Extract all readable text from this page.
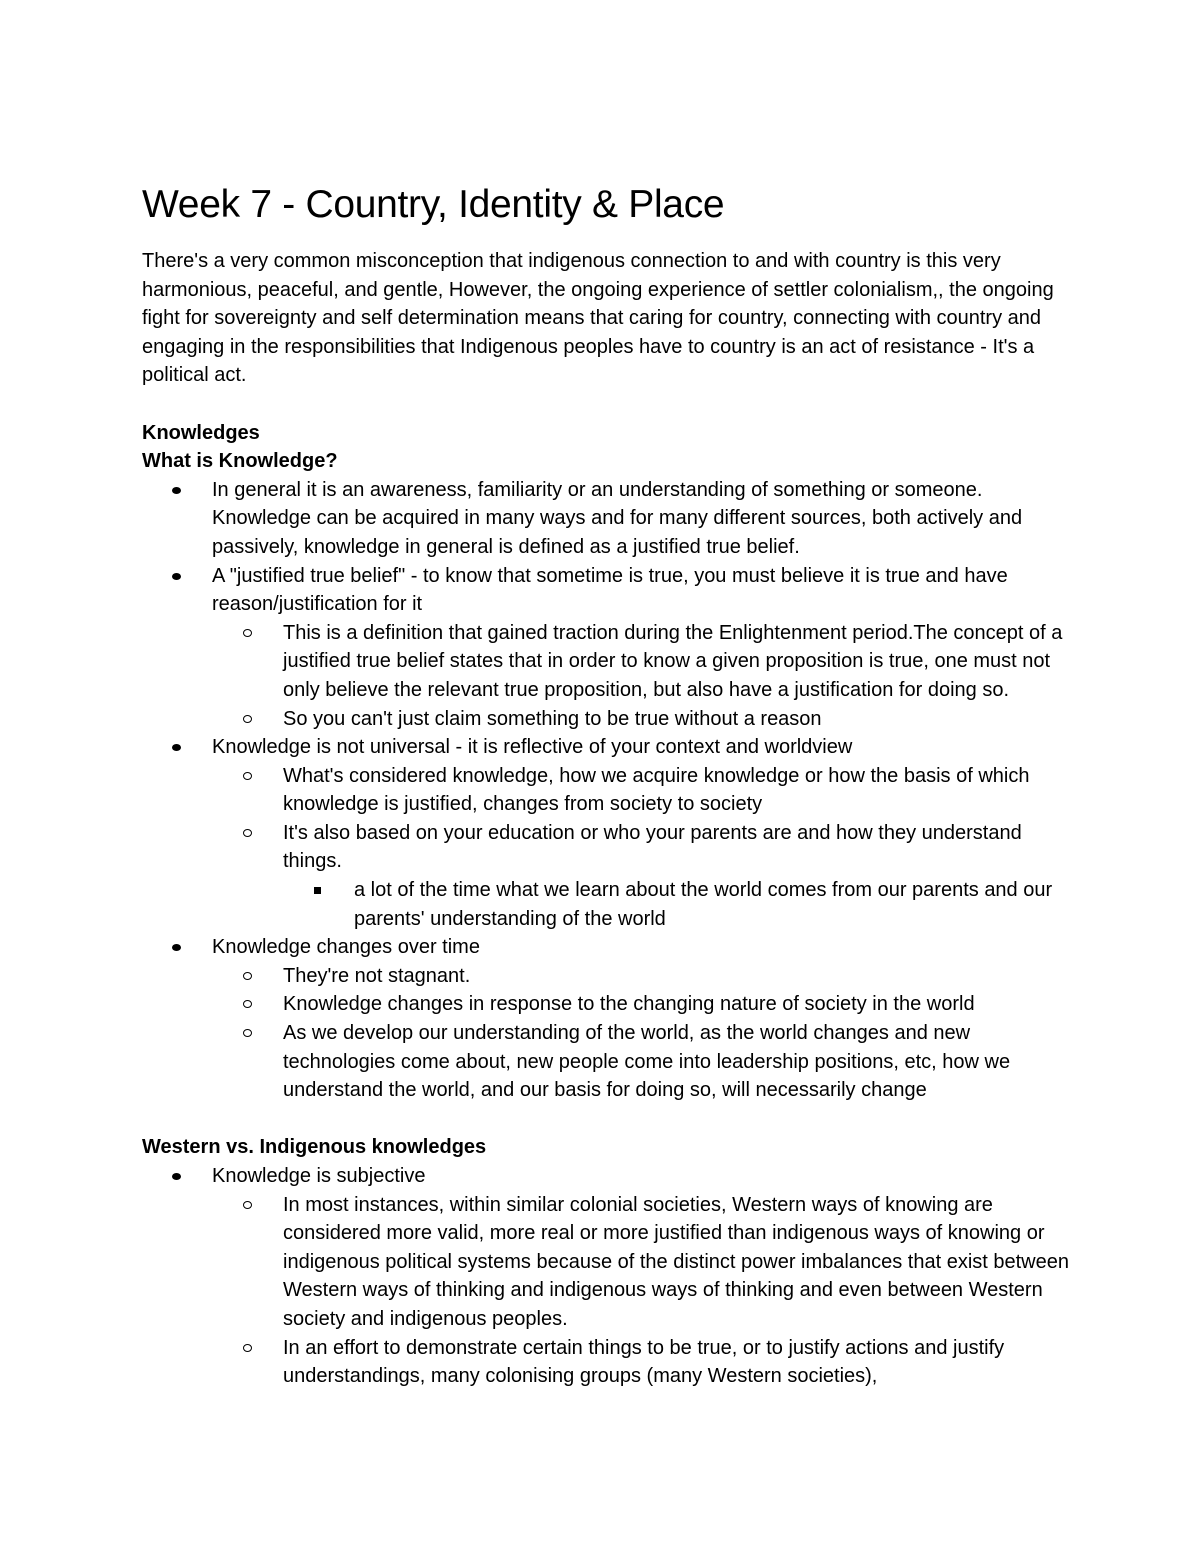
Week 7 - Country, Identity & Place

There's a very common misconception that indigenous connection to and with country is this very harmonious, peaceful, and gentle, However, the ongoing experience of settler colonialism,, the ongoing fight for sovereignty and self determination means that caring for country, connecting with country and engaging in the responsibilities that Indigenous peoples have to country is an act of resistance - It's a political act.

Knowledges

What is Knowledge?

In general it is an awareness, familiarity or an understanding of something or someone. Knowledge can be acquired in many ways and for many different sources, both actively and passively, knowledge in general is defined as a justified true belief.
A "justified true belief" - to know that sometime is true, you must believe it is true and have reason/justification for it
This is a definition that gained traction during the Enlightenment period.The concept of a justified true belief states that in order to know a given proposition is true, one must not only believe the relevant true proposition, but also have a justification for doing so.
So you can't just claim something to be true without a reason
Knowledge is not universal - it is reflective of your context and worldview
What's considered knowledge, how we acquire knowledge or how the basis of which knowledge is justified, changes from society to society
It's also based on your education or who your parents are and how they understand things.
a lot of the time what we learn about the world comes from our parents and our parents' understanding of the world
Knowledge changes over time
They're not stagnant.
Knowledge changes in response to the changing nature of society in the world
As we develop our understanding of the world, as the world changes and new technologies come about, new people come into leadership positions, etc, how we understand the world, and our basis for doing so, will necessarily change

Western vs. Indigenous knowledges

Knowledge is subjective
In most instances, within similar colonial societies, Western ways of knowing are considered more valid, more real or more justified than indigenous ways of knowing or indigenous political systems because of the distinct power imbalances that exist between Western ways of thinking and indigenous ways of thinking and even between Western society and indigenous peoples.
In an effort to demonstrate certain things to be true, or to justify actions and justify understandings, many colonising groups (many Western societies),
